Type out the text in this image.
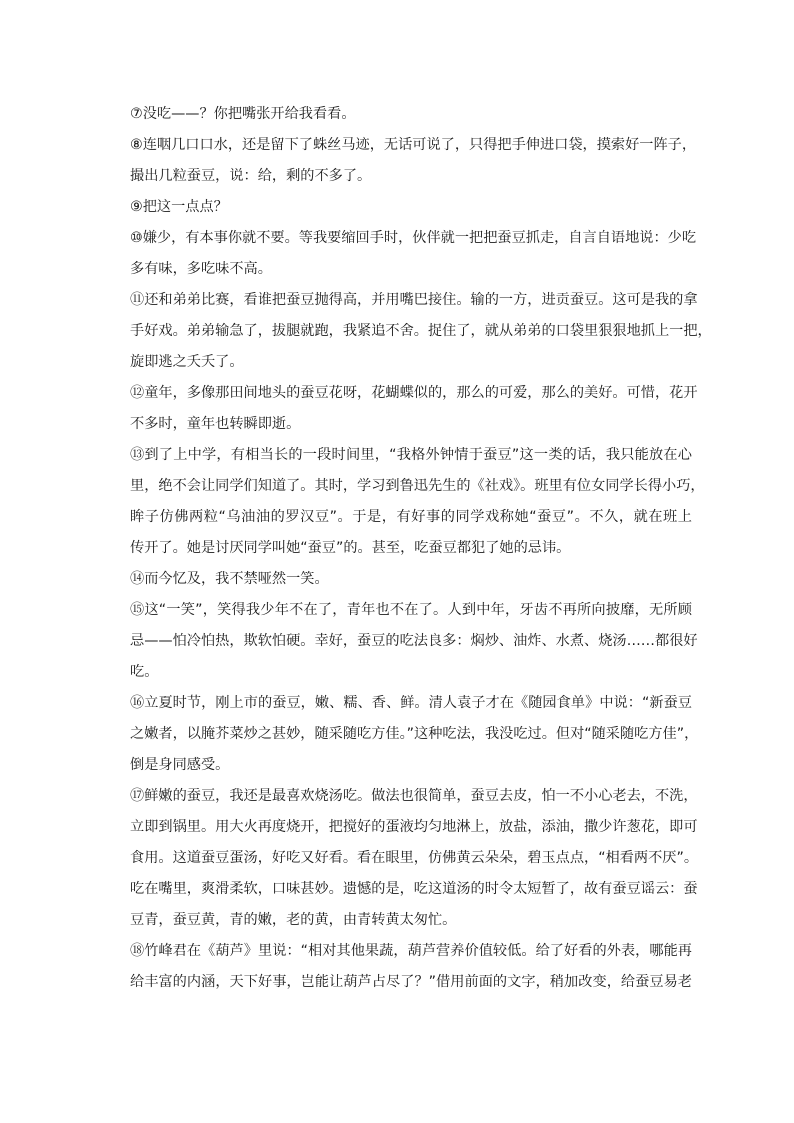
⑦没吃——？你把嘴张开给我看看。
⑧连咽几口口水，还是留下了蛛丝马迹，无话可说了，只得把手伸进口袋，摸索好一阵子，
撮出几粒蚕豆，说：给，剩的不多了。
⑨把这一点点？
⑩嫌少，有本事你就不要。等我要缩回手时，伙伴就一把把蚕豆抓走，自言自语地说：少吃
多有味，多吃味不高。
⑪还和弟弟比赛，看谁把蚕豆抛得高，并用嘴巴接住。输的一方，进贡蚕豆。这可是我的拿
手好戏。弟弟输急了，拔腿就跑，我紧追不舍。捉住了，就从弟弟的口袋里狠狠地抓上一把，
旋即逃之夭夭了。
⑫童年，多像那田间地头的蚕豆花呀，花蝴蝶似的，那么的可爱，那么的美好。可惜，花开
不多时，童年也转瞬即逝。
⑬到了上中学，有相当长的一段时间里，“我格外钟情于蚕豆”这一类的话，我只能放在心
里，绝不会让同学们知道了。其时，学习到鲁迅先生的《社戏》。班里有位女同学长得小巧，
眸子仿佛两粒“乌油油的罗汉豆”。于是，有好事的同学戏称她“蚕豆”。不久，就在班上
传开了。她是讨厌同学叫她“蚕豆”的。甚至，吃蚕豆都犯了她的忌讳。
⑭而今忆及，我不禁哑然一笑。
⑮这“一笑”，笑得我少年不在了，青年也不在了。人到中年，牙齿不再所向披靡，无所顾
忌——怕冷怕热，欺软怕硬。幸好，蚕豆的吃法良多：焖炒、油炸、水煮、烧汤……都很好
吃。
⑯立夏时节，刚上市的蚕豆，嫩、糯、香、鲜。清人袁子才在《随园食单》中说：“新蚕豆
之嫩者，以腌芥菜炒之甚妙，随采随吃方佳。”这种吃法，我没吃过。但对“随采随吃方佳”，
倒是身同感受。
⑰鲜嫩的蚕豆，我还是最喜欢烧汤吃。做法也很简单，蚕豆去皮，怕一不小心老去，不洗，
立即到锅里。用大火再度烧开，把搅好的蛋液均匀地淋上，放盐，添油，撒少许葱花，即可
食用。这道蚕豆蛋汤，好吃又好看。看在眼里，仿佛黄云朵朵，碧玉点点，“相看两不厌”。
吃在嘴里，爽滑柔软，口味甚妙。遗憾的是，吃这道汤的时令太短暂了，故有蚕豆谣云：蚕
豆青，蚕豆黄，青的嫩，老的黄，由青转黄太匆忙。
⑱竹峰君在《葫芦》里说：“相对其他果蔬，葫芦营养价值较低。给了好看的外表，哪能再
给丰富的内涵，天下好事，岂能让葫芦占尽了？”借用前面的文字，稍加改变，给蚕豆易老
